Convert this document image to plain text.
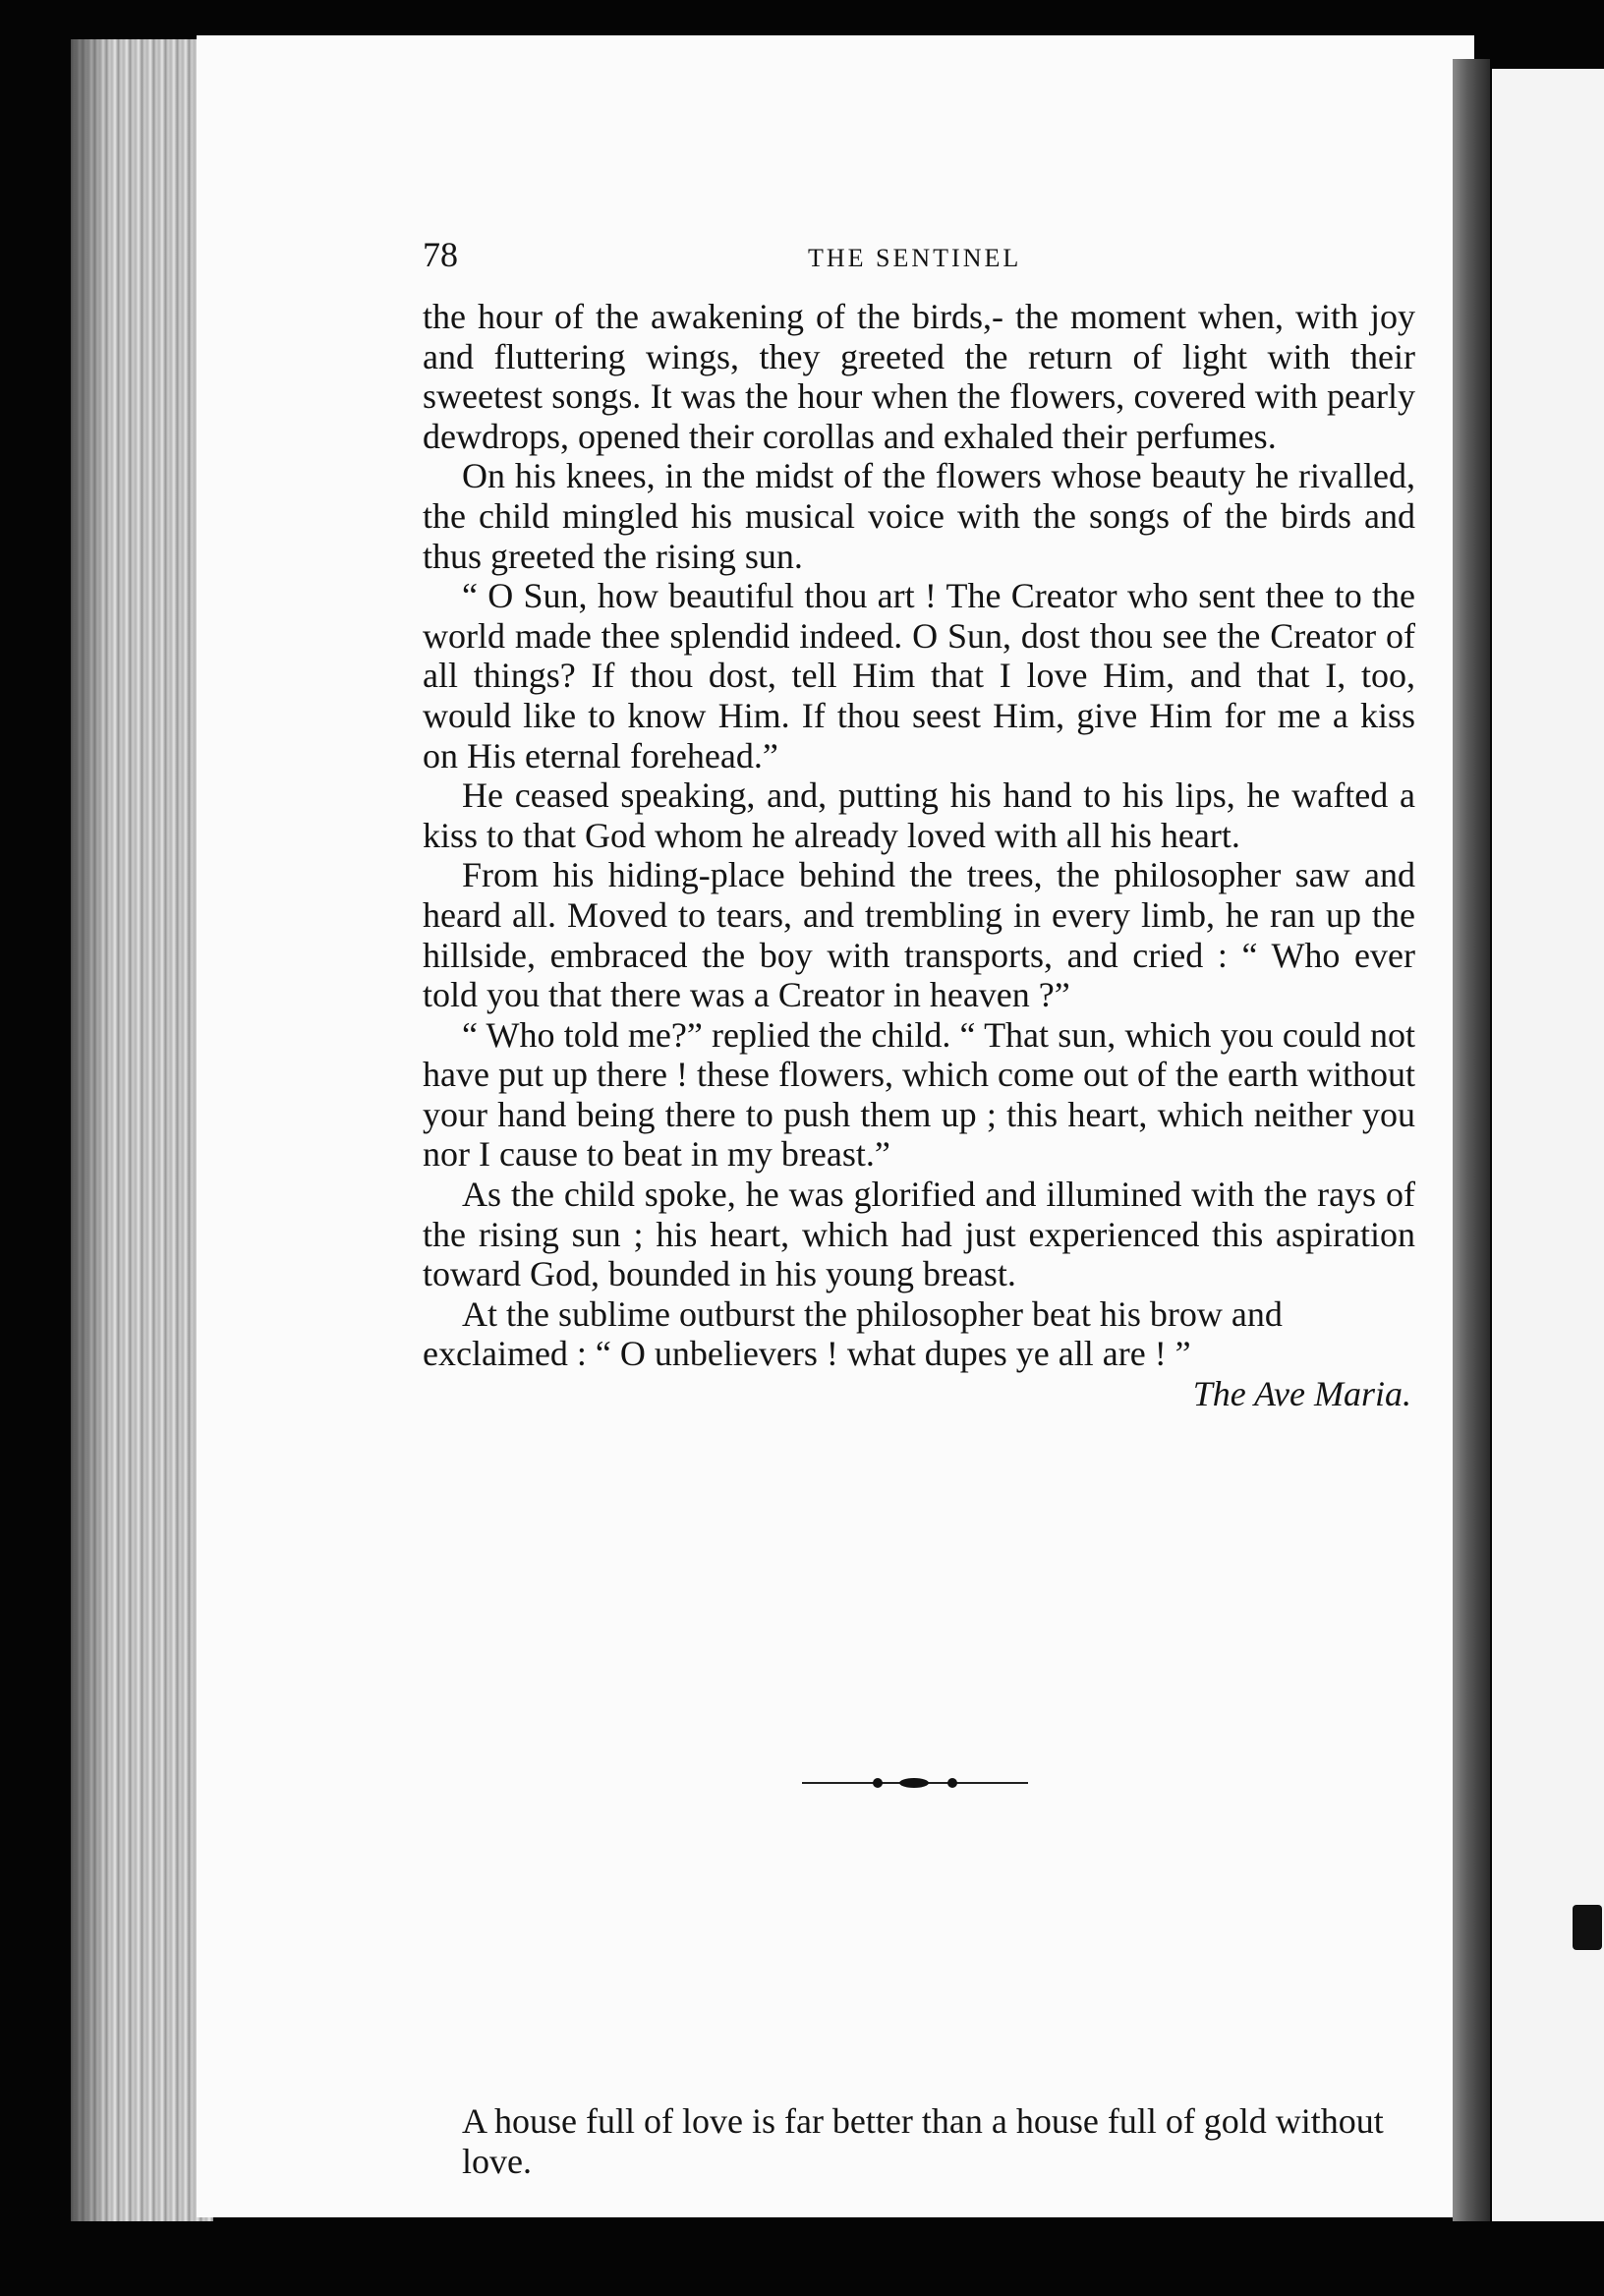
78	THE SENTINEL

the hour of the awakening of the birds,- the moment when, with joy and fluttering wings, they greeted the return of light with their sweetest songs. It was the hour when the flowers, covered with pearly dewdrops, opened their corollas and exhaled their perfumes.

On his knees, in the midst of the flowers whose beauty he rivalled, the child mingled his musical voice with the songs of the birds and thus greeted the rising sun.

“ O Sun, how beautiful thou art ! The Creator who sent thee to the world made thee splendid indeed. O Sun, dost thou see the Creator of all things? If thou dost, tell Him that I love Him, and that I, too, would like to know Him. If thou seest Him, give Him for me a kiss on His eternal forehead.”

He ceased speaking, and, putting his hand to his lips, he wafted a kiss to that God whom he already loved with all his heart.

From his hiding-place behind the trees, the philosopher saw and heard all. Moved to tears, and trembling in every limb, he ran up the hillside, embraced the boy with transports, and cried : “ Who ever told you that there was a Creator in heaven ?”

“ Who told me?” replied the child. “ That sun, which you could not have put up there ! these flowers, which come out of the earth without your hand being there to push them up ; this heart, which neither you nor I cause to beat in my breast.”

As the child spoke, he was glorified and illumined with the rays of the rising sun ; his heart, which had just experienced this aspiration toward God, bounded in his young breast.

At the sublime outburst the philosopher beat his brow and exclaimed : “ O unbelievers ! what dupes ye all are ! ”
The Ave Maria.

A house full of love is far better than a house full of gold without love.
